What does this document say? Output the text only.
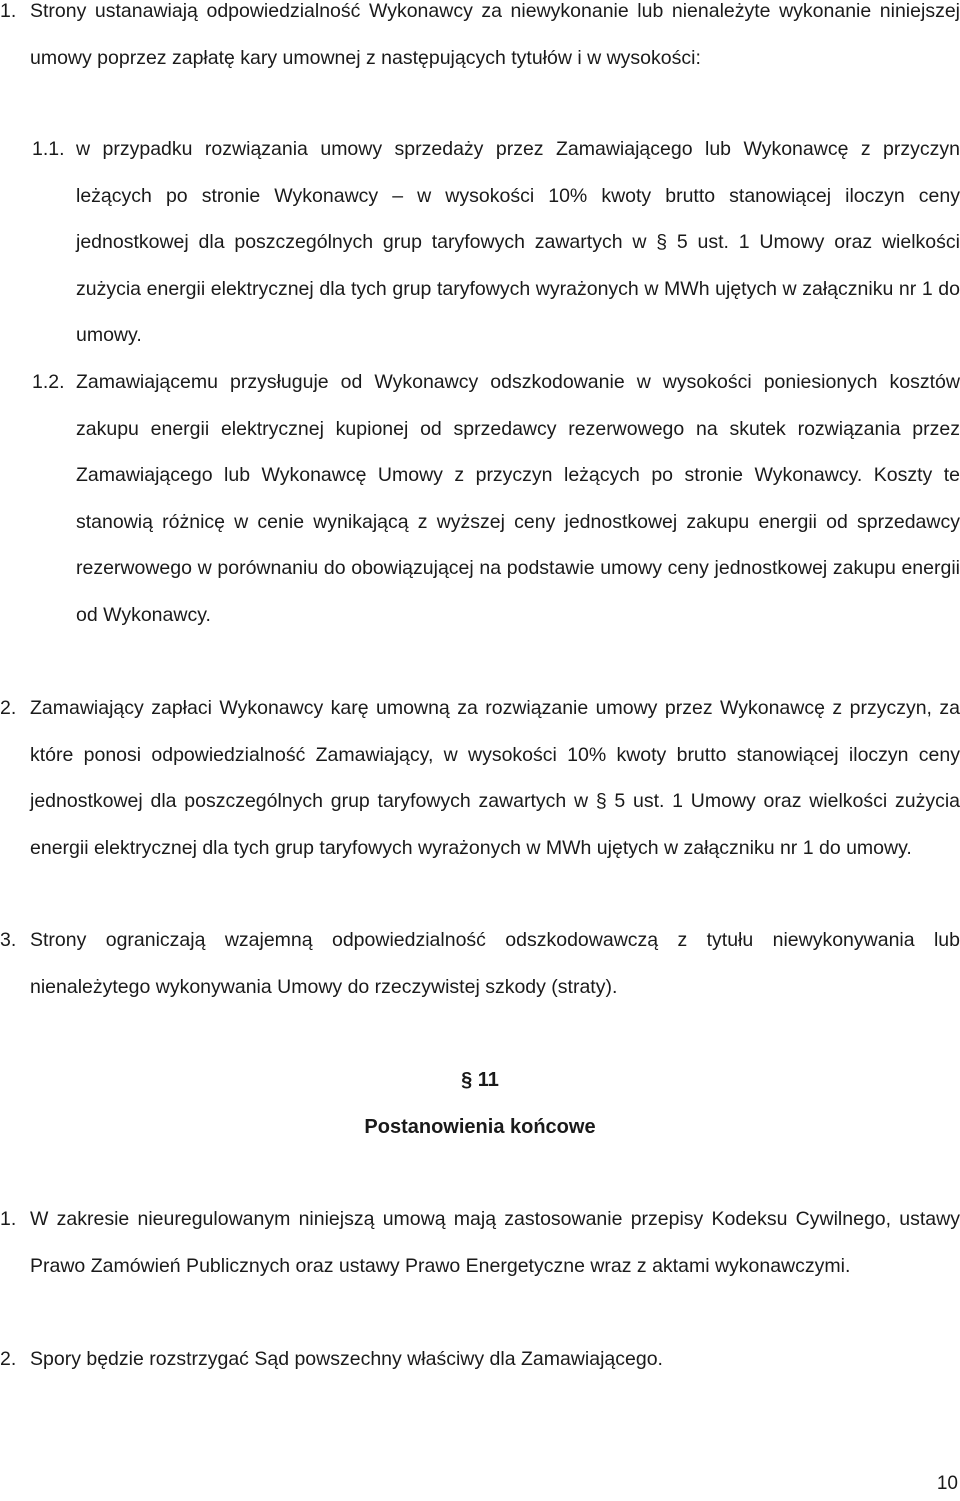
1. Strony ustanawiają odpowiedzialność Wykonawcy za niewykonanie lub nienależyte wykonanie niniejszej umowy poprzez zapłatę kary umownej z następujących tytułów i w wysokości:
1.1. w przypadku rozwiązania umowy sprzedaży przez Zamawiającego lub Wykonawcę z przyczyn leżących po stronie Wykonawcy – w wysokości 10% kwoty brutto stanowiącej iloczyn ceny jednostkowej dla poszczególnych grup taryfowych zawartych w § 5 ust. 1 Umowy oraz wielkości zużycia energii elektrycznej dla tych grup taryfowych wyrażonych w MWh ujętych w załączniku nr 1 do umowy.
1.2. Zamawiającemu przysługuje od Wykonawcy odszkodowanie w wysokości poniesionych kosztów zakupu energii elektrycznej kupionej od sprzedawcy rezerwowego na skutek rozwiązania przez Zamawiającego lub Wykonawcę Umowy z przyczyn leżących po stronie Wykonawcy. Koszty te stanowią różnicę w cenie wynikającą z wyższej ceny jednostkowej zakupu energii od sprzedawcy rezerwowego w porównaniu do obowiązującej na podstawie umowy ceny jednostkowej zakupu energii od Wykonawcy.
2. Zamawiający zapłaci Wykonawcy karę umowną za rozwiązanie umowy przez Wykonawcę z przyczyn, za które ponosi odpowiedzialność Zamawiający, w wysokości 10% kwoty brutto stanowiącej iloczyn ceny jednostkowej dla poszczególnych grup taryfowych zawartych w § 5 ust. 1 Umowy oraz wielkości zużycia energii elektrycznej dla tych grup taryfowych wyrażonych w MWh ujętych w załączniku nr 1 do umowy.
3. Strony ograniczają wzajemną odpowiedzialność odszkodowawczą z tytułu niewykonywania lub nienależytego wykonywania Umowy do rzeczywistej szkody (straty).
§ 11
Postanowienia końcowe
1. W zakresie nieuregulowanym niniejszą umową mają zastosowanie przepisy Kodeksu Cywilnego, ustawy Prawo Zamówień Publicznych oraz ustawy Prawo Energetyczne wraz z aktami wykonawczymi.
2. Spory będzie rozstrzygać Sąd powszechny właściwy dla Zamawiającego.
10
